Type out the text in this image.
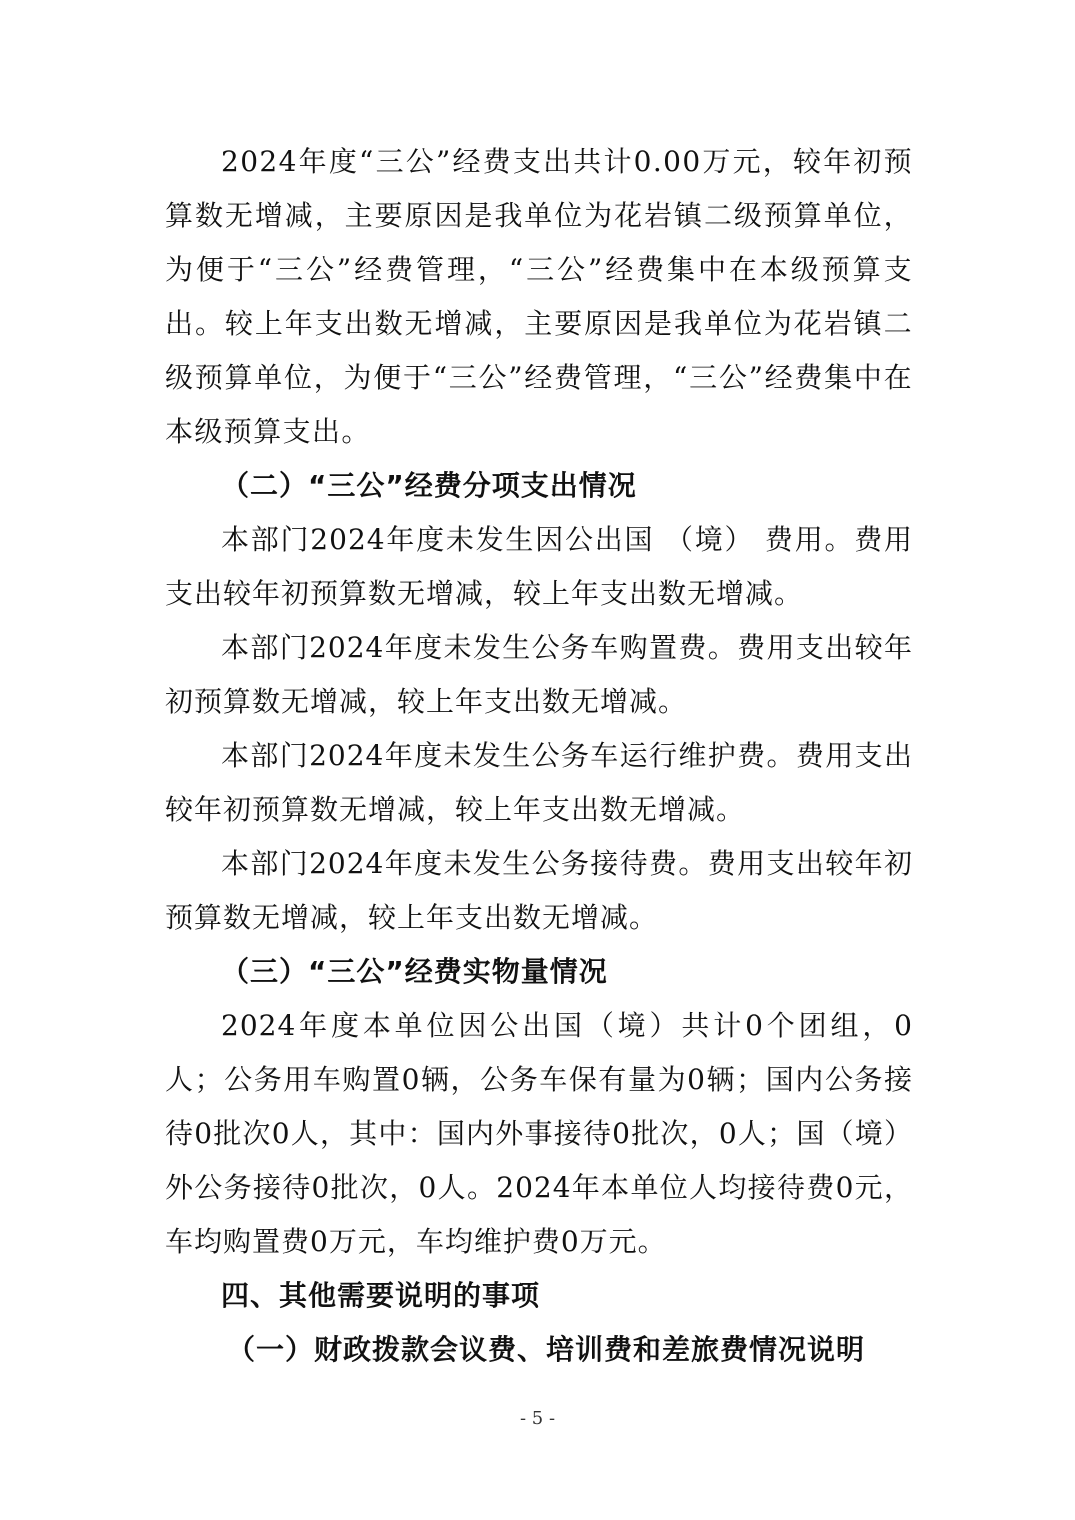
2024年度“三公”经费支出共计0.00万元，较年初预算数无增减，主要原因是我单位为花岩镇二级预算单位，为便于“三公”经费管理，“三公”经费集中在本级预算支出。较上年支出数无增减，主要原因是我单位为花岩镇二级预算单位，为便于“三公”经费管理，“三公”经费集中在本级预算支出。

（二）“三公”经费分项支出情况

本部门2024年度未发生因公出国 （境） 费用。费用支出较年初预算数无增减，较上年支出数无增减。

本部门2024年度未发生公务车购置费。费用支出较年初预算数无增减，较上年支出数无增减。

本部门2024年度未发生公务车运行维护费。费用支出较年初预算数无增减，较上年支出数无增减。

本部门2024年度未发生公务接待费。费用支出较年初预算数无增减，较上年支出数无增减。

（三）“三公”经费实物量情况

2024年度本单位因公出国（境）共计0个团组，0人；公务用车购置0辆，公务车保有量为0辆；国内公务接待0批次0人，其中：国内外事接待0批次，0人；国（境）外公务接待0批次，0人。2024年本单位人均接待费0元，车均购置费0万元，车均维护费0万元。

四、其他需要说明的事项

（一）财政拨款会议费、培训费和差旅费情况说明

- 5 -
